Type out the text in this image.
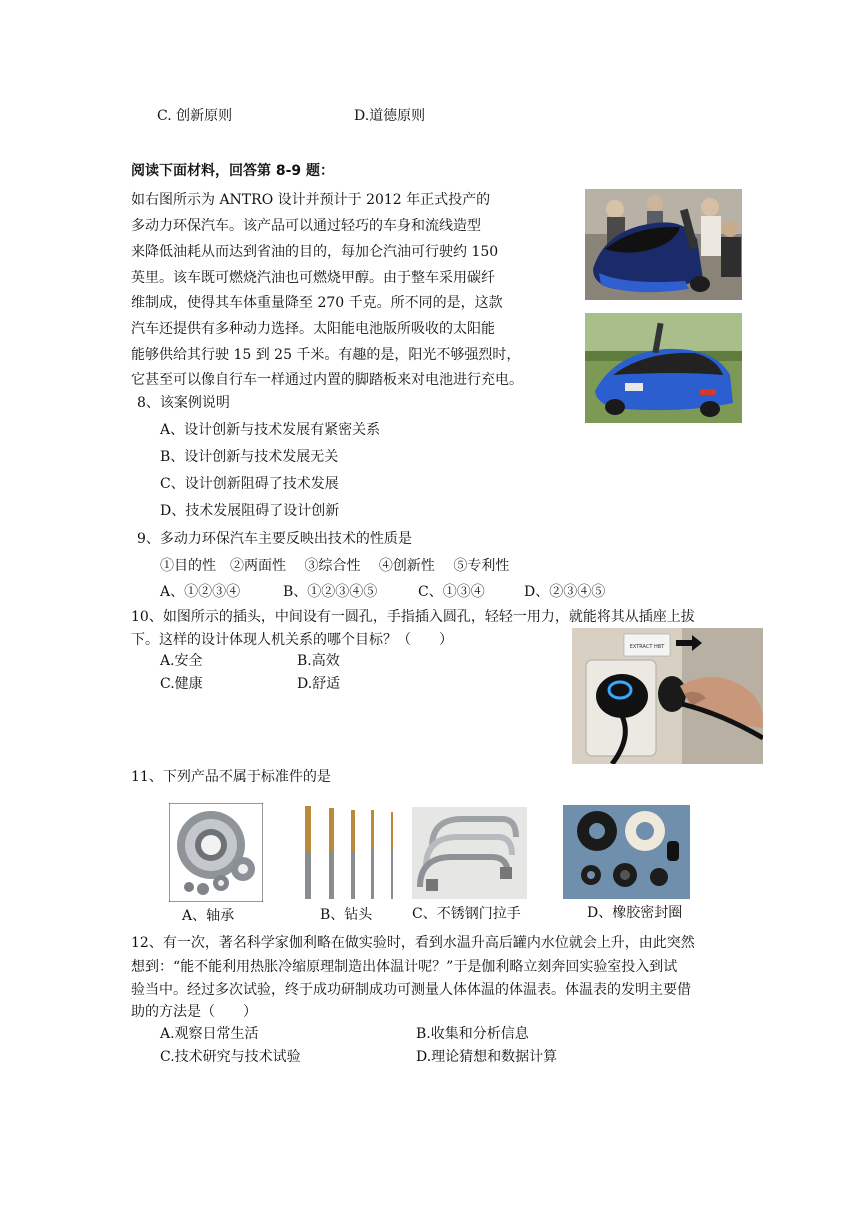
C. 创新原则	D.道德原则
阅读下面材料，回答第 8-9 题：
如右图所示为 ANTRO 设计并预计于 2012 年正式投产的
多动力环保汽车。该产品可以通过轻巧的车身和流线造型
来降低油耗从而达到省油的目的，每加仑汽油可行驶约 150
英里。该车既可燃烧汽油也可燃烧甲醇。由于整车采用碳纤
维制成，使得其车体重量降至 270 千克。所不同的是，这款
汽车还提供有多种动力选择。太阳能电池版所吸收的太阳能
能够供给其行驶 15 到 25 千米。有趣的是，阳光不够强烈时，
它甚至可以像自行车一样通过内置的脚踏板来对电池进行充电。
8、该案例说明
A、设计创新与技术发展有紧密关系
B、设计创新与技术发展无关
C、设计创新阻碍了技术发展
D、技术发展阻碍了设计创新
9、多动力环保汽车主要反映出技术的性质是
①目的性　②两面性　 ③综合性　 ④创新性　 ⑤专利性
A、①②③④	B、①②③④⑤	C、①③④	D、②③④⑤
10、如图所示的插头，中间设有一圆孔，手指插入圆孔，轻轻一用力，就能将其从插座上拔
下。这样的设计体现人机关系的哪个目标？（　　）
A.安全	B.高效
C.健康	D.舒适
EXTRACT HBT
11、下列产品不属于标准件的是
A、轴承	B、钻头	C、不锈钢门拉手	D、橡胶密封圈
12、有一次，著名科学家伽利略在做实验时，看到水温升高后罐内水位就会上升，由此突然
想到：“能不能利用热胀冷缩原理制造出体温计呢？”于是伽利略立刻奔回实验室投入到试
验当中。经过多次试验，终于成功研制成功可测量人体体温的体温表。体温表的发明主要借
助的方法是（　　）
A.观察日常生活	B.收集和分析信息
C.技术研究与技术试验	D.理论猜想和数据计算
